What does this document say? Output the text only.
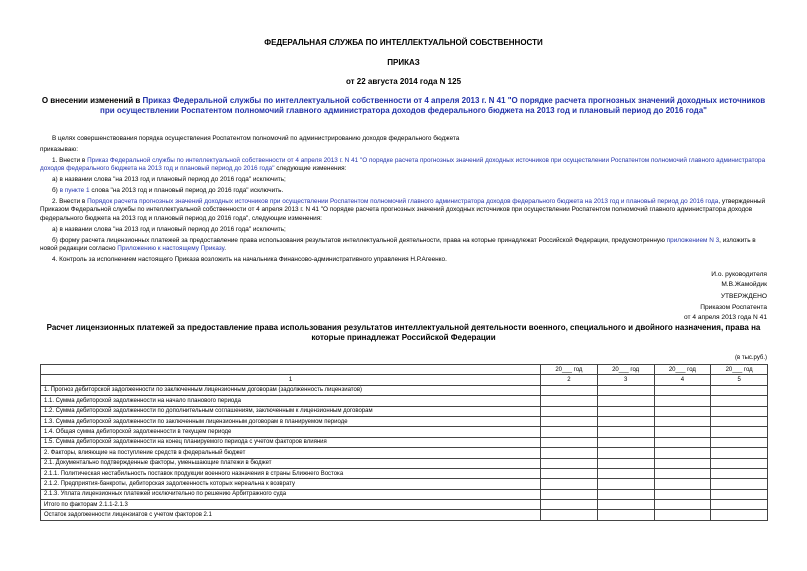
ФЕДЕРАЛЬНАЯ СЛУЖБА ПО ИНТЕЛЛЕКТУАЛЬНОЙ СОБСТВЕННОСТИ
ПРИКАЗ
от 22 августа 2014 года N 125
О внесении изменений в Приказ Федеральной службы по интеллектуальной собственности от 4 апреля 2013 г. N 41 "О порядке расчета прогнозных значений доходных источников при осуществлении Роспатентом полномочий главного администратора доходов федерального бюджета на 2013 год и плановый период до 2016 года"

В целях совершенствования порядка осуществления Роспатентом полномочий по администрированию доходов федерального бюджета

приказываю:

1. Внести в Приказ Федеральной службы по интеллектуальной собственности от 4 апреля 2013 г. N 41 "О порядке расчета прогнозных значений доходных источников при осуществлении Роспатентом полномочий главного администратора доходов федерального бюджета на 2013 год и плановый период до 2016 года" следующие изменения:

а) в названии слова "на 2013 год и плановый период до 2016 года" исключить;

б) в пункте 1 слова "на 2013 год и плановый период до 2016 года" исключить.

2. Внести в Порядок расчета прогнозных значений доходных источников при осуществлении Роспатентом полномочий главного администратора доходов федерального бюджета на 2013 год и плановый период до 2016 года, утвержденный Приказом Федеральной службы по интеллектуальной собственности от 4 апреля 2013 г. N 41 "О порядке расчета прогнозных значений доходных источников при осуществлении Роспатентом полномочий главного администратора доходов федерального бюджета на 2013 год и плановый период до 2016 года", следующие изменения:

а) в названии слова "на 2013 год и плановый период до 2016 года" исключить;

б) форму расчета лицензионных платежей за предоставление права использования результатов интеллектуальной деятельности, права на которые принадлежат Российской Федерации, предусмотренную приложением N 3, изложить в новой редакции согласно Приложению к настоящему Приказу.

4. Контроль за исполнением настоящего Приказа возложить на начальника Финансово-административного управления Н.Р.Агеенко.

И.о. руководителя
М.В.Жамойдик
УТВЕРЖДЕНО
Приказом Роспатента
от 4 апреля 2013 года N 41
Расчет лицензионных платежей за предоставление права использования результатов интеллектуальной деятельности военного, специального и двойного назначения, права на которые принадлежат Российской Федерации
(в тыс.руб.)
	20___ год	20___ год	20___ год	20___ год
1	2	3	4	5
1. Прогноз дебиторской задолженности по заключенным лицензионным договорам (задолженность лицензиатов)				
1.1. Сумма дебиторской задолженности на начало планового периода				
1.2. Сумма дебиторской задолженности по дополнительным соглашениям, заключенным к лицензионным договорам				
1.3. Сумма дебиторской задолженности по заключенным лицензионным договорам в планируемом периоде				
1.4. Общая сумма дебиторской задолженности в текущем периоде				
1.5. Сумма дебиторской задолженности на конец планируемого периода с учетом факторов влияния				
2. Факторы, влияющие на поступление средств в федеральный бюджет				
2.1. Документально подтвержденные факторы, уменьшающие платежи в бюджет				
2.1.1. Политическая нестабильность поставок продукции военного назначения в страны Ближнего Востока				
2.1.2. Предприятия-банкроты, дебиторская задолженность которых нереальна к возврату				
2.1.3. Уплата лицензионных платежей исключительно по решению Арбитражного суда				
Итого по факторам 2.1.1-2.1.3				
Остаток задолженности лицензиатов с учетом факторов 2.1				
